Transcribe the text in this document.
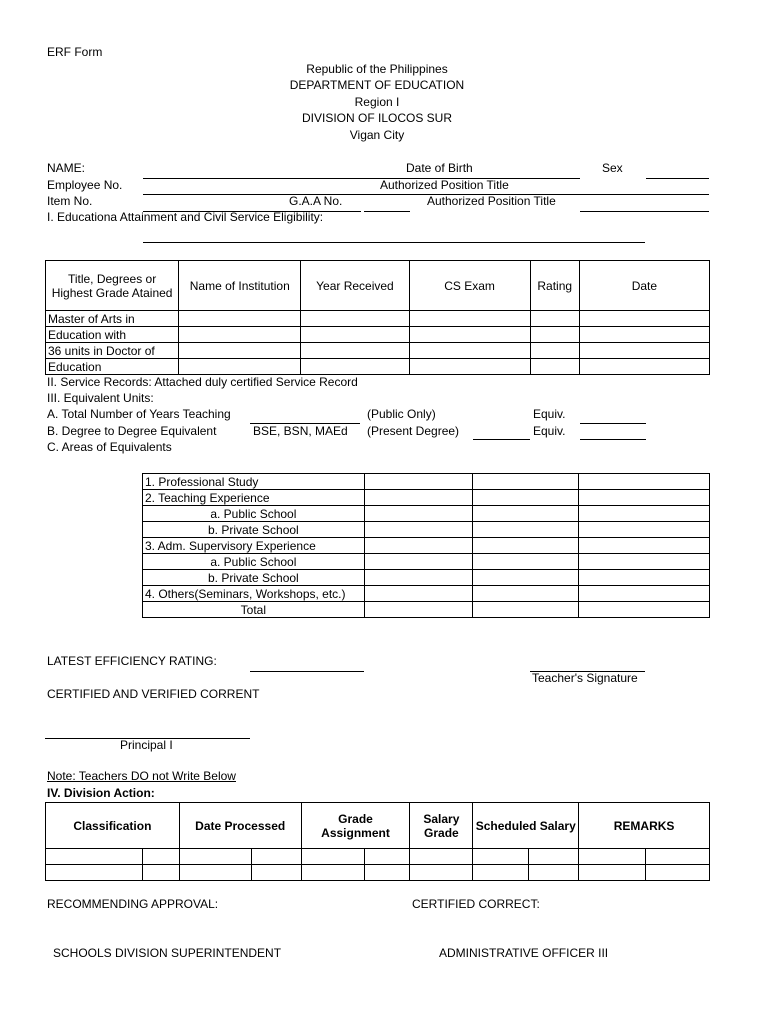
ERF Form
Republic of the Philippines
DEPARTMENT OF EDUCATION
Region I
DIVISION OF ILOCOS SUR
Vigan City
NAME:	Date of Birth	Sex
Employee No.	Authorized Position Title
Item No.	G.A.A No.	Authorized Position Title
I. Educationa Attainment and Civil Service Eligibility:
Title, Degrees or Highest Grade Atained	Name of Institution	Year Received	CS Exam	Rating	Date
Master of Arts in					
Education with					
36 units in Doctor of					
Education					
II. Service Records: Attached duly certified Service Record
III. Equivalent Units:
A. Total Number of Years Teaching	(Public Only)	Equiv.
B. Degree to Degree Equivalent	BSE, BSN, MAEd (Present Degree)	Equiv.
C. Areas of Equivalents
1. Professional Study			
2. Teaching Experience			
a. Public School			
b. Private School			
3. Adm. Supervisory Experience			
a. Public School			
b. Private School			
4. Others(Seminars, Workshops, etc.)			
Total			
LATEST EFFICIENCY RATING:
Teacher's Signature
CERTIFIED AND VERIFIED CORRENT
Principal I
Note: Teachers DO not Write Below
IV. Division Action:
Classification		Date Processed		Grade Assignment		Salary Grade	Scheduled Salary		REMARKS	

RECOMMENDING APPROVAL:	CERTIFIED CORRECT:
SCHOOLS DIVISION SUPERINTENDENT	ADMINISTRATIVE OFFICER III
